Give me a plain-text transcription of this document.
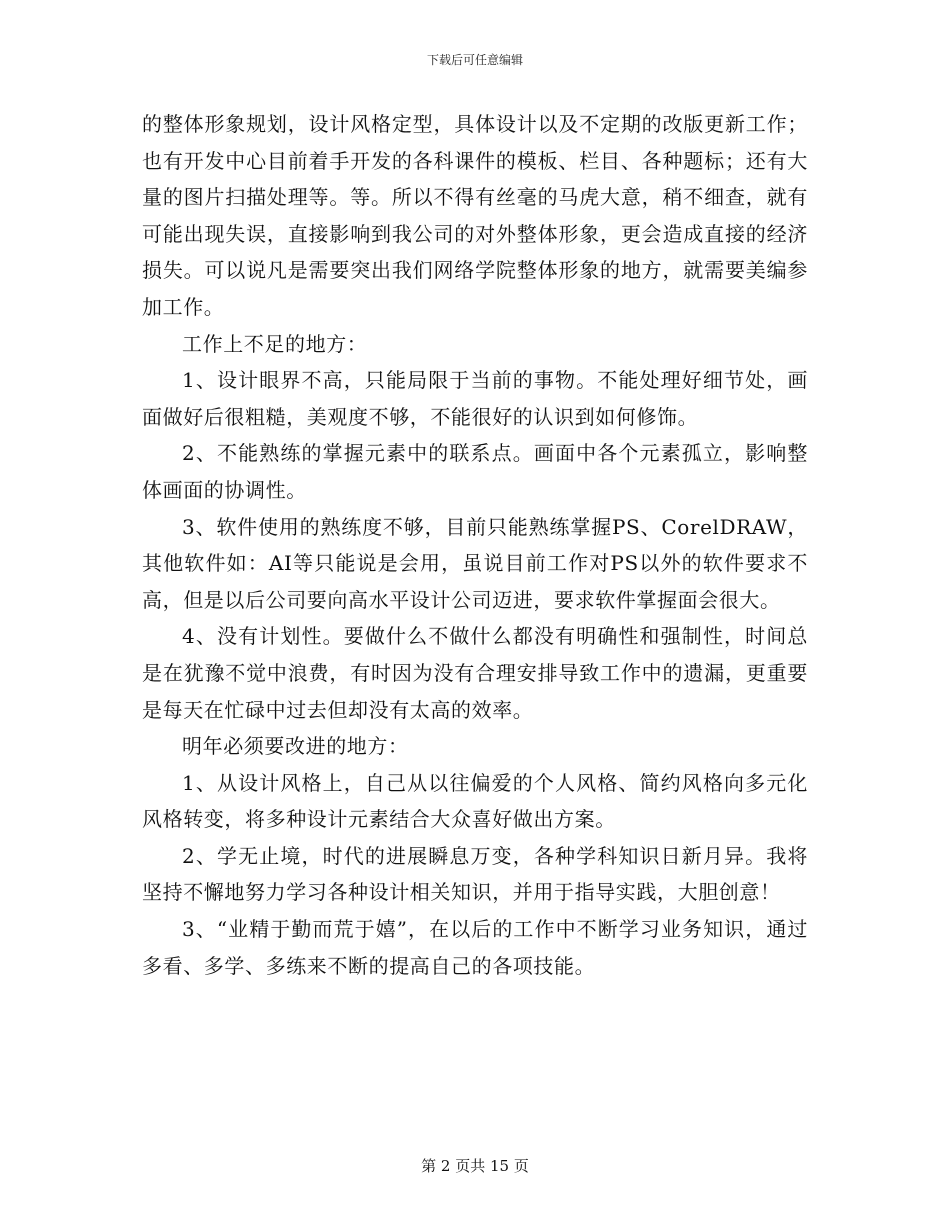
下载后可任意编辑

的整体形象规划，设计风格定型，具体设计以及不定期的改版更新工作；也有开发中心目前着手开发的各科课件的模板、栏目、各种题标；还有大量的图片扫描处理等。等。所以不得有丝毫的马虎大意，稍不细查，就有可能出现失误，直接影响到我公司的对外整体形象，更会造成直接的经济损失。可以说凡是需要突出我们网络学院整体形象的地方，就需要美编参加工作。

工作上不足的地方：

1、设计眼界不高，只能局限于当前的事物。不能处理好细节处，画面做好后很粗糙，美观度不够，不能很好的认识到如何修饰。

2、不能熟练的掌握元素中的联系点。画面中各个元素孤立，影响整体画面的协调性。

3、软件使用的熟练度不够，目前只能熟练掌握PS、CorelDRAW，其他软件如：AI等只能说是会用，虽说目前工作对PS以外的软件要求不高，但是以后公司要向高水平设计公司迈进，要求软件掌握面会很大。

4、没有计划性。要做什么不做什么都没有明确性和强制性，时间总是在犹豫不觉中浪费，有时因为没有合理安排导致工作中的遗漏，更重要是每天在忙碌中过去但却没有太高的效率。

明年必须要改进的地方：

1、从设计风格上，自己从以往偏爱的个人风格、简约风格向多元化风格转变，将多种设计元素结合大众喜好做出方案。

2、学无止境，时代的进展瞬息万变，各种学科知识日新月异。我将坚持不懈地努力学习各种设计相关知识，并用于指导实践，大胆创意！

3、“业精于勤而荒于嬉”，在以后的工作中不断学习业务知识，通过多看、多学、多练来不断的提高自己的各项技能。

第 2 页共 15 页
